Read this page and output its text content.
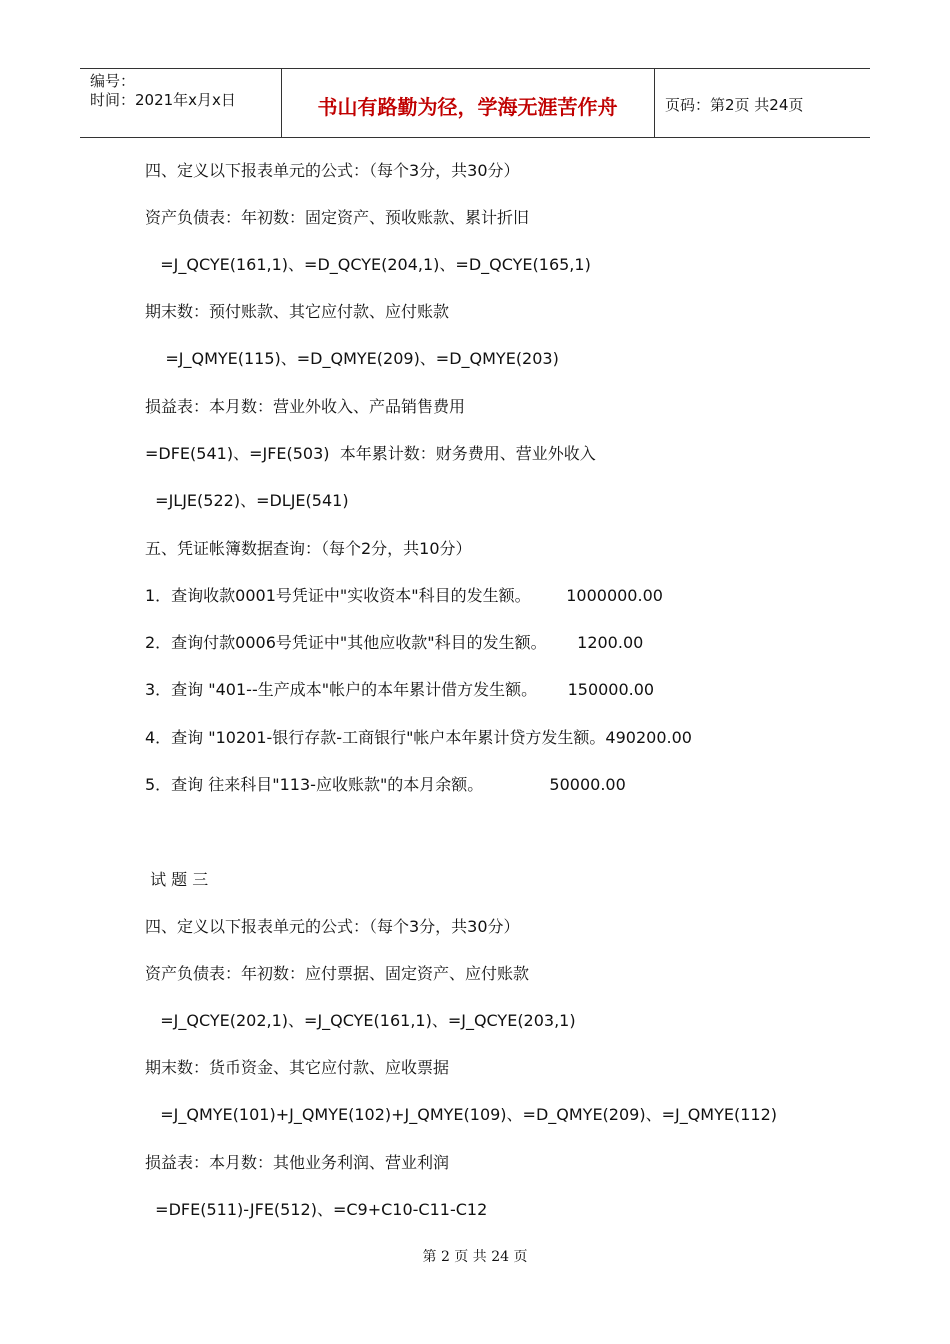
编号：
时间：2021年x月x日	书山有路勤为径，学海无涯苦作舟	页码：第2页 共24页
四、定义以下报表单元的公式：（每个3分，共30分）
资产负债表：年初数：固定资产、预收账款、累计折旧
=J_QCYE(161,1)、=D_QCYE(204,1)、=D_QCYE(165,1)
期末数：预付账款、其它应付款、应付账款
=J_QMYE(115)、=D_QMYE(209)、=D_QMYE(203)
损益表：本月数：营业外收入、产品销售费用
=DFE(541)、=JFE(503)  本年累计数：财务费用、营业外收入
=JLJE(522)、=DLJE(541)
五、凭证帐簿数据查询：（每个2分，共10分）
1．查询收款0001号凭证中"实收资本"科目的发生额。       1000000.00
2．查询付款0006号凭证中"其他应收款"科目的发生额。      1200.00
3．查询 "401--生产成本"帐户的本年累计借方发生额。      150000.00
4．查询 "10201-银行存款-工商银行"帐户本年累计贷方发生额。490200.00
5．查询 往来科目"113-应收账款"的本月余额。             50000.00
试 题 三
四、定义以下报表单元的公式：（每个3分，共30分）
资产负债表：年初数：应付票据、固定资产、应付账款
=J_QCYE(202,1)、=J_QCYE(161,1)、=J_QCYE(203,1)
期末数：货币资金、其它应付款、应收票据
=J_QMYE(101)+J_QMYE(102)+J_QMYE(109)、=D_QMYE(209)、=J_QMYE(112)
损益表：本月数：其他业务利润、营业利润
=DFE(511)-JFE(512)、=C9+C10-C11-C12
第 2 页 共 24 页
